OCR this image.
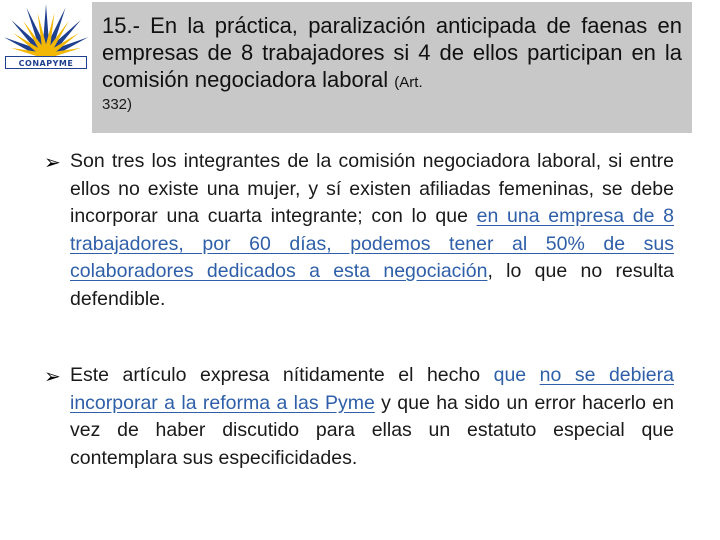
CONAPYME

15.- En la práctica, paralización anticipada de faenas en empresas de 8 trabajadores si 4 de ellos participan en la comisión negociadora laboral (Art.

332)
➢ Son tres los integrantes de la comisión negociadora laboral, si entre ellos no existe una mujer, y sí existen afiliadas femeninas, se debe incorporar una cuarta integrante; con lo que en una empresa de 8 trabajadores, por 60 días, podemos tener al 50% de sus colaboradores dedicados a esta negociación, lo que no resulta defendible.
➢ Este artículo expresa nítidamente el hecho que no se debiera incorporar a la reforma a las Pyme y que ha sido un error hacerlo en vez de haber discutido para ellas un estatuto especial que contemplara sus especificidades.
